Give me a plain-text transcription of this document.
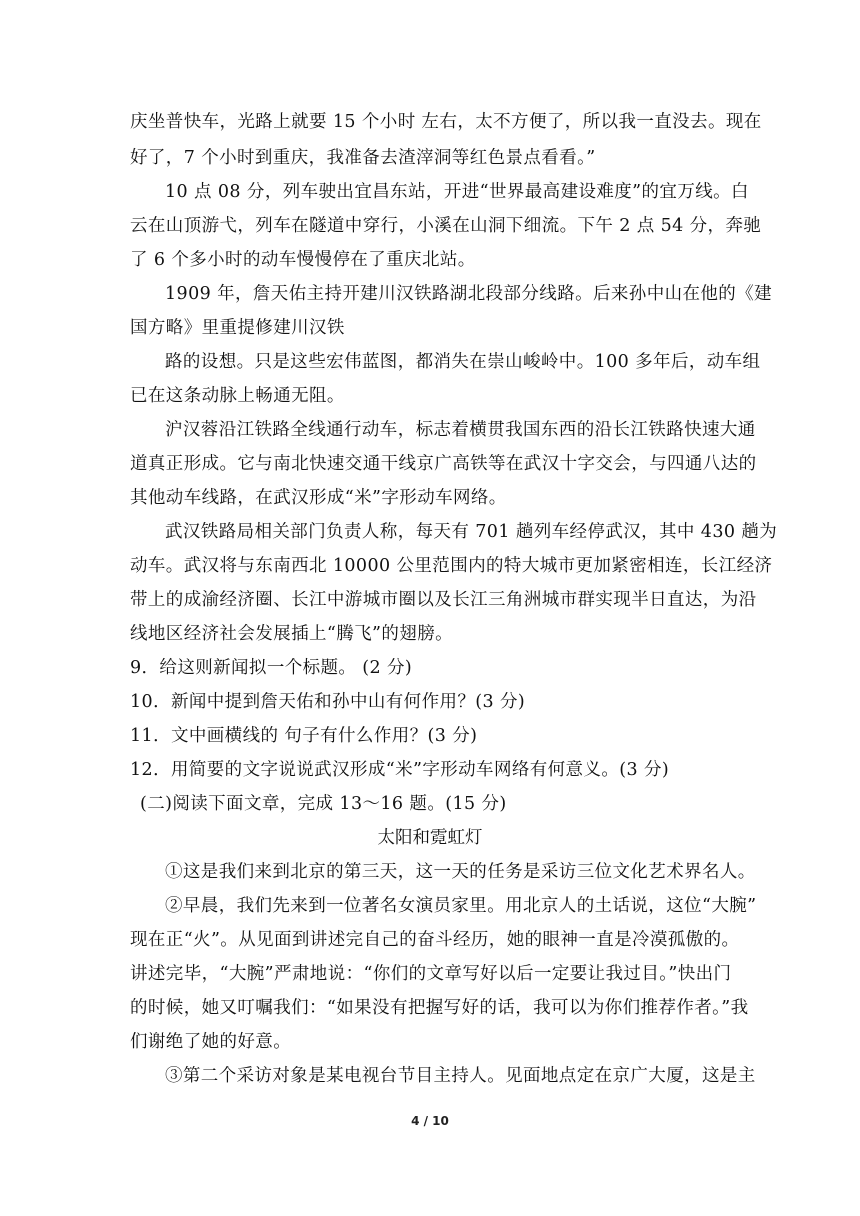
庆坐普快车，光路上就要 15 个小时 左右，太不方便了，所以我一直没去。现在
好了，7 个小时到重庆，我准备去渣滓洞等红色景点看看。”
10 点 08 分，列车驶出宜昌东站，开进“世界最高建设难度”的宜万线。白
云在山顶游弋，列车在隧道中穿行，小溪在山洞下细流。下午 2 点 54 分，奔驰
了 6 个多小时的动车慢慢停在了重庆北站。
1909 年，詹天佑主持开建川汉铁路湖北段部分线路。后来孙中山在他的《建
国方略》里重提修建川汉铁
路的设想。只是这些宏伟蓝图，都消失在崇山峻岭中。100 多年后，动车组
已在这条动脉上畅通无阻。
沪汉蓉沿江铁路全线通行动车，标志着横贯我国东西的沿长江铁路快速大通
道真正形成。它与南北快速交通干线京广高铁等在武汉十字交会，与四通八达的
其他动车线路，在武汉形成“米”字形动车网络。
武汉铁路局相关部门负责人称，每天有 701 趟列车经停武汉，其中 430 趟为
动车。武汉将与东南西北 10000 公里范围内的特大城市更加紧密相连，长江经济
带上的成渝经济圈、长江中游城市圈以及长江三角洲城市群实现半日直达，为沿
线地区经济社会发展插上“腾飞”的翅膀。
9．给这则新闻拟一个标题。 (2 分)
10．新闻中提到詹天佑和孙中山有何作用？(3 分)
11．文中画横线的 句子有什么作用？(3 分)
12．用简要的文字说说武汉形成“米”字形动车网络有何意义。(3 分)
(二)阅读下面文章，完成 13～16 题。(15 分)
太阳和霓虹灯
①这是我们来到北京的第三天，这一天的任务是采访三位文化艺术界名人。
②早晨，我们先来到一位著名女演员家里。用北京人的土话说，这位“大腕”
现在正“火”。从见面到讲述完自己的奋斗经历，她的眼神一直是冷漠孤傲的。
讲述完毕，“大腕”严肃地说：“你们的文章写好以后一定要让我过目。”快出门
的时候，她又叮嘱我们：“如果没有把握写好的话，我可以为你们推荐作者。”我
们谢绝了她的好意。
③第二个采访对象是某电视台节目主持人。见面地点定在京广大厦，这是主
4 / 10
